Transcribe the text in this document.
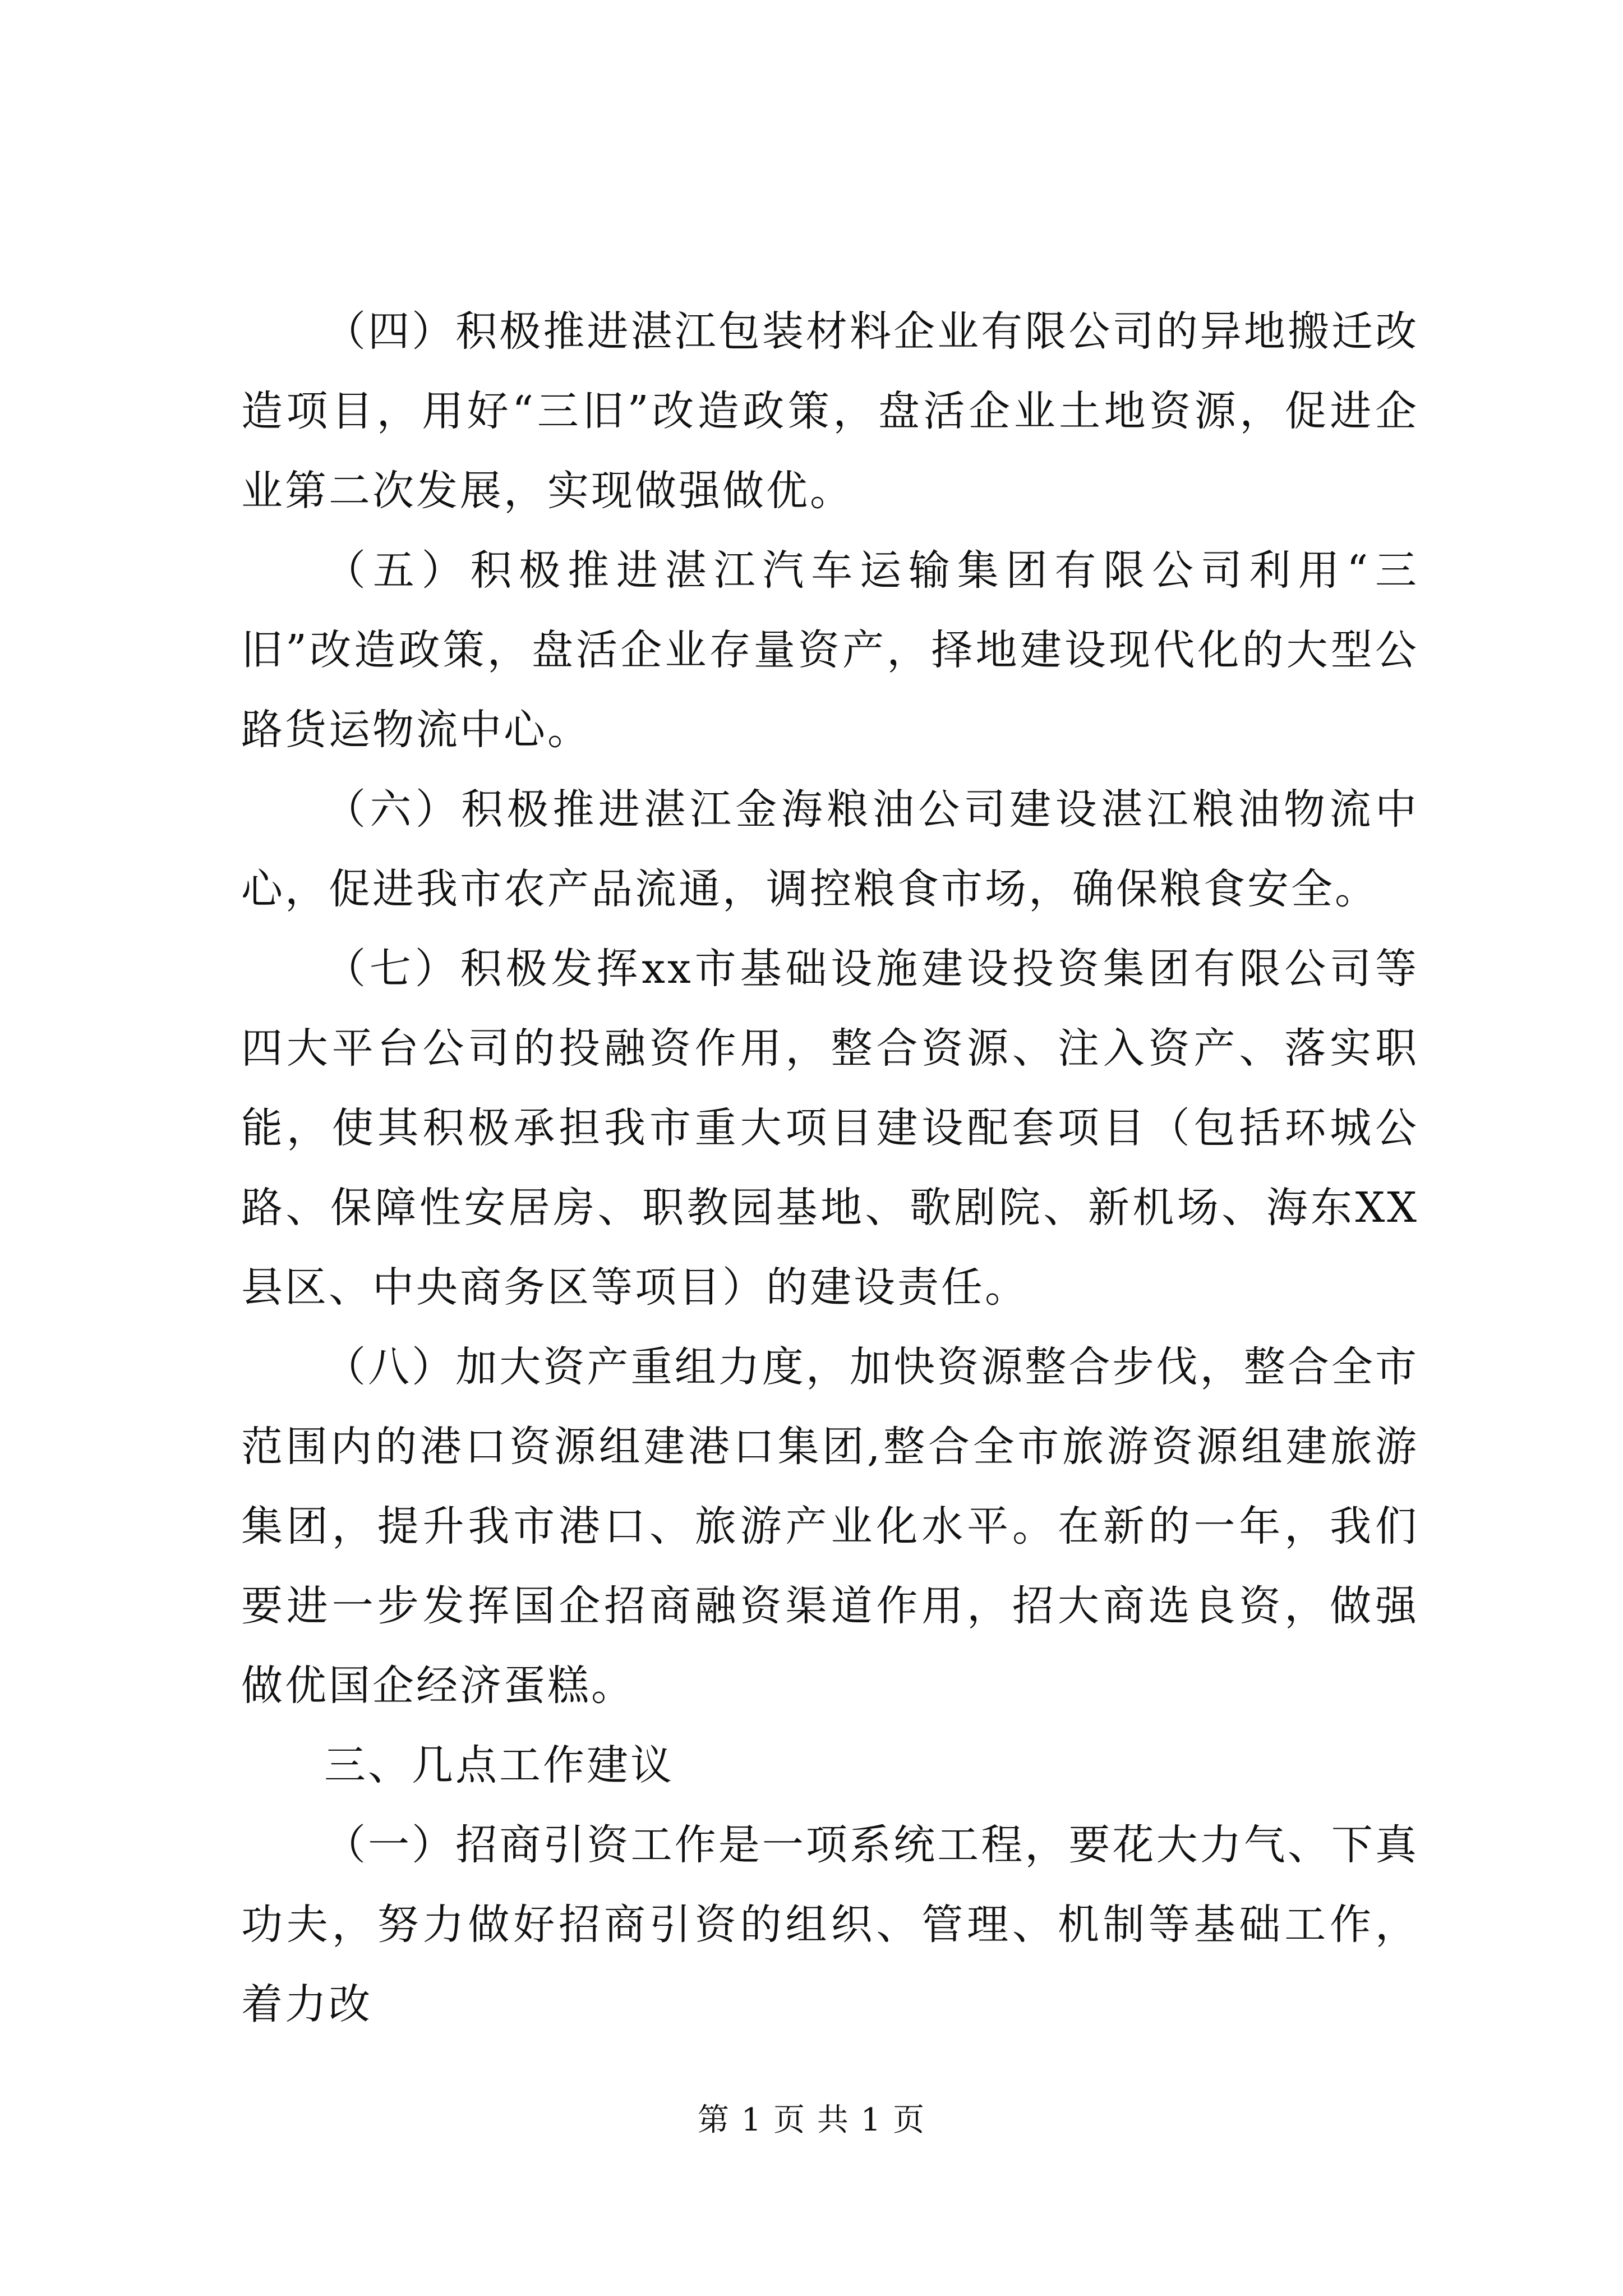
（四）积极推进湛江包装材料企业有限公司的异地搬迁改造项目，用好“三旧”改造政策，盘活企业土地资源，促进企业第二次发展，实现做强做优。

（五）积极推进湛江汽车运输集团有限公司利用“三旧”改造政策，盘活企业存量资产，择地建设现代化的大型公路货运物流中心。

（六）积极推进湛江金海粮油公司建设湛江粮油物流中心，促进我市农产品流通，调控粮食市场，确保粮食安全。

（七）积极发挥xx市基础设施建设投资集团有限公司等四大平台公司的投融资作用，整合资源、注入资产、落实职能，使其积极承担我市重大项目建设配套项目（包括环城公路、保障性安居房、职教园基地、歌剧院、新机场、海东XX县区、中央商务区等项目）的建设责任。

（八）加大资产重组力度，加快资源整合步伐，整合全市范围内的港口资源组建港口集团,整合全市旅游资源组建旅游集团，提升我市港口、旅游产业化水平。在新的一年，我们要进一步发挥国企招商融资渠道作用，招大商选良资，做强做优国企经济蛋糕。

三、几点工作建议

（一）招商引资工作是一项系统工程，要花大力气、下真功夫，努力做好招商引资的组织、管理、机制等基础工作，着力改

第 1 页 共 1 页
